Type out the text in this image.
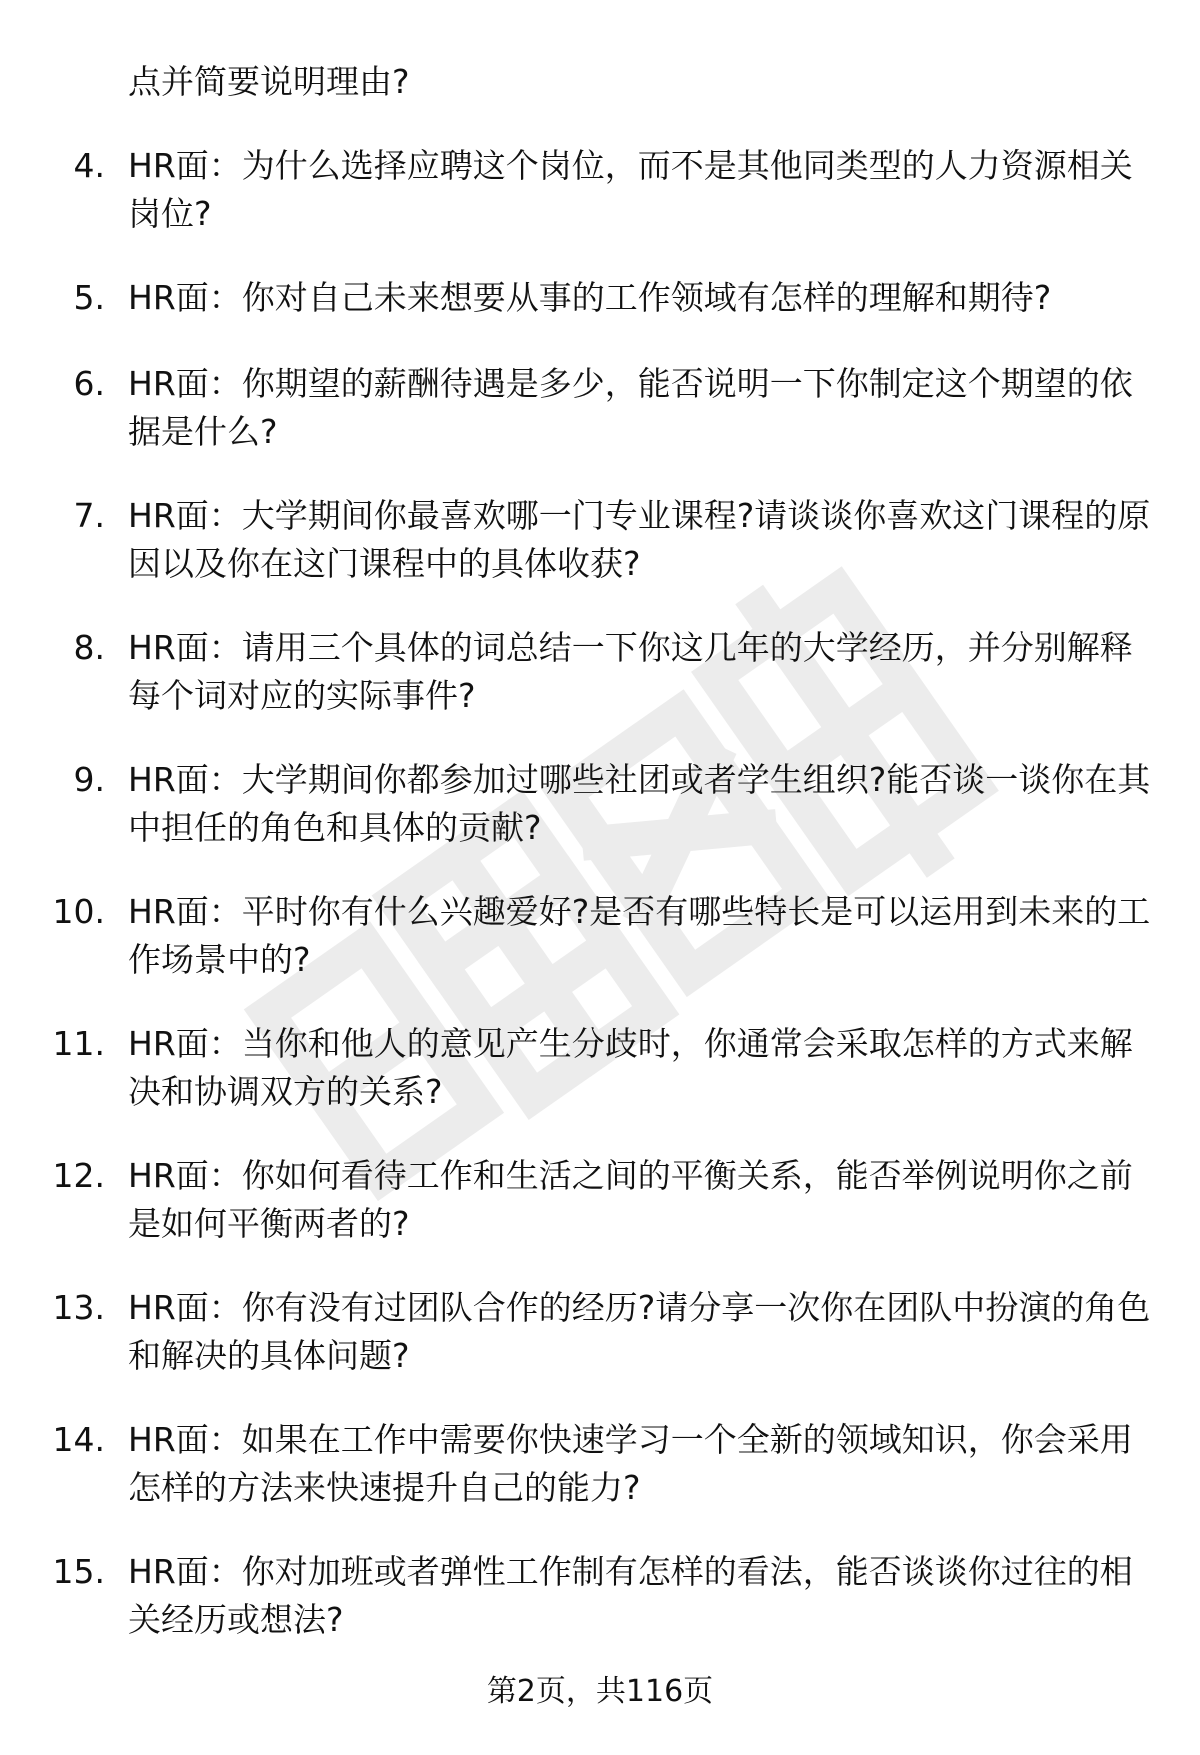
点并简要说明理由?

4. HR面：为什么选择应聘这个岗位，而不是其他同类型的人力资源相关岗位?
5. HR面：你对自己未来想要从事的工作领域有怎样的理解和期待?
6. HR面：你期望的薪酬待遇是多少，能否说明一下你制定这个期望的依据是什么?
7. HR面：大学期间你最喜欢哪一门专业课程?请谈谈你喜欢这门课程的原因以及你在这门课程中的具体收获?
8. HR面：请用三个具体的词总结一下你这几年的大学经历，并分别解释每个词对应的实际事件?
9. HR面：大学期间你都参加过哪些社团或者学生组织?能否谈一谈你在其中担任的角色和具体的贡献?
10. HR面：平时你有什么兴趣爱好?是否有哪些特长是可以运用到未来的工作场景中的?
11. HR面：当你和他人的意见产生分歧时，你通常会采取怎样的方式来解决和协调双方的关系?
12. HR面：你如何看待工作和生活之间的平衡关系，能否举例说明你之前是如何平衡两者的?
13. HR面：你有没有过团队合作的经历?请分享一次你在团队中扮演的角色和解决的具体问题?
14. HR面：如果在工作中需要你快速学习一个全新的领域知识，你会采用怎样的方法来快速提升自己的能力?
15. HR面：你对加班或者弹性工作制有怎样的看法，能否谈谈你过往的相关经历或想法?
第2页，共116页
